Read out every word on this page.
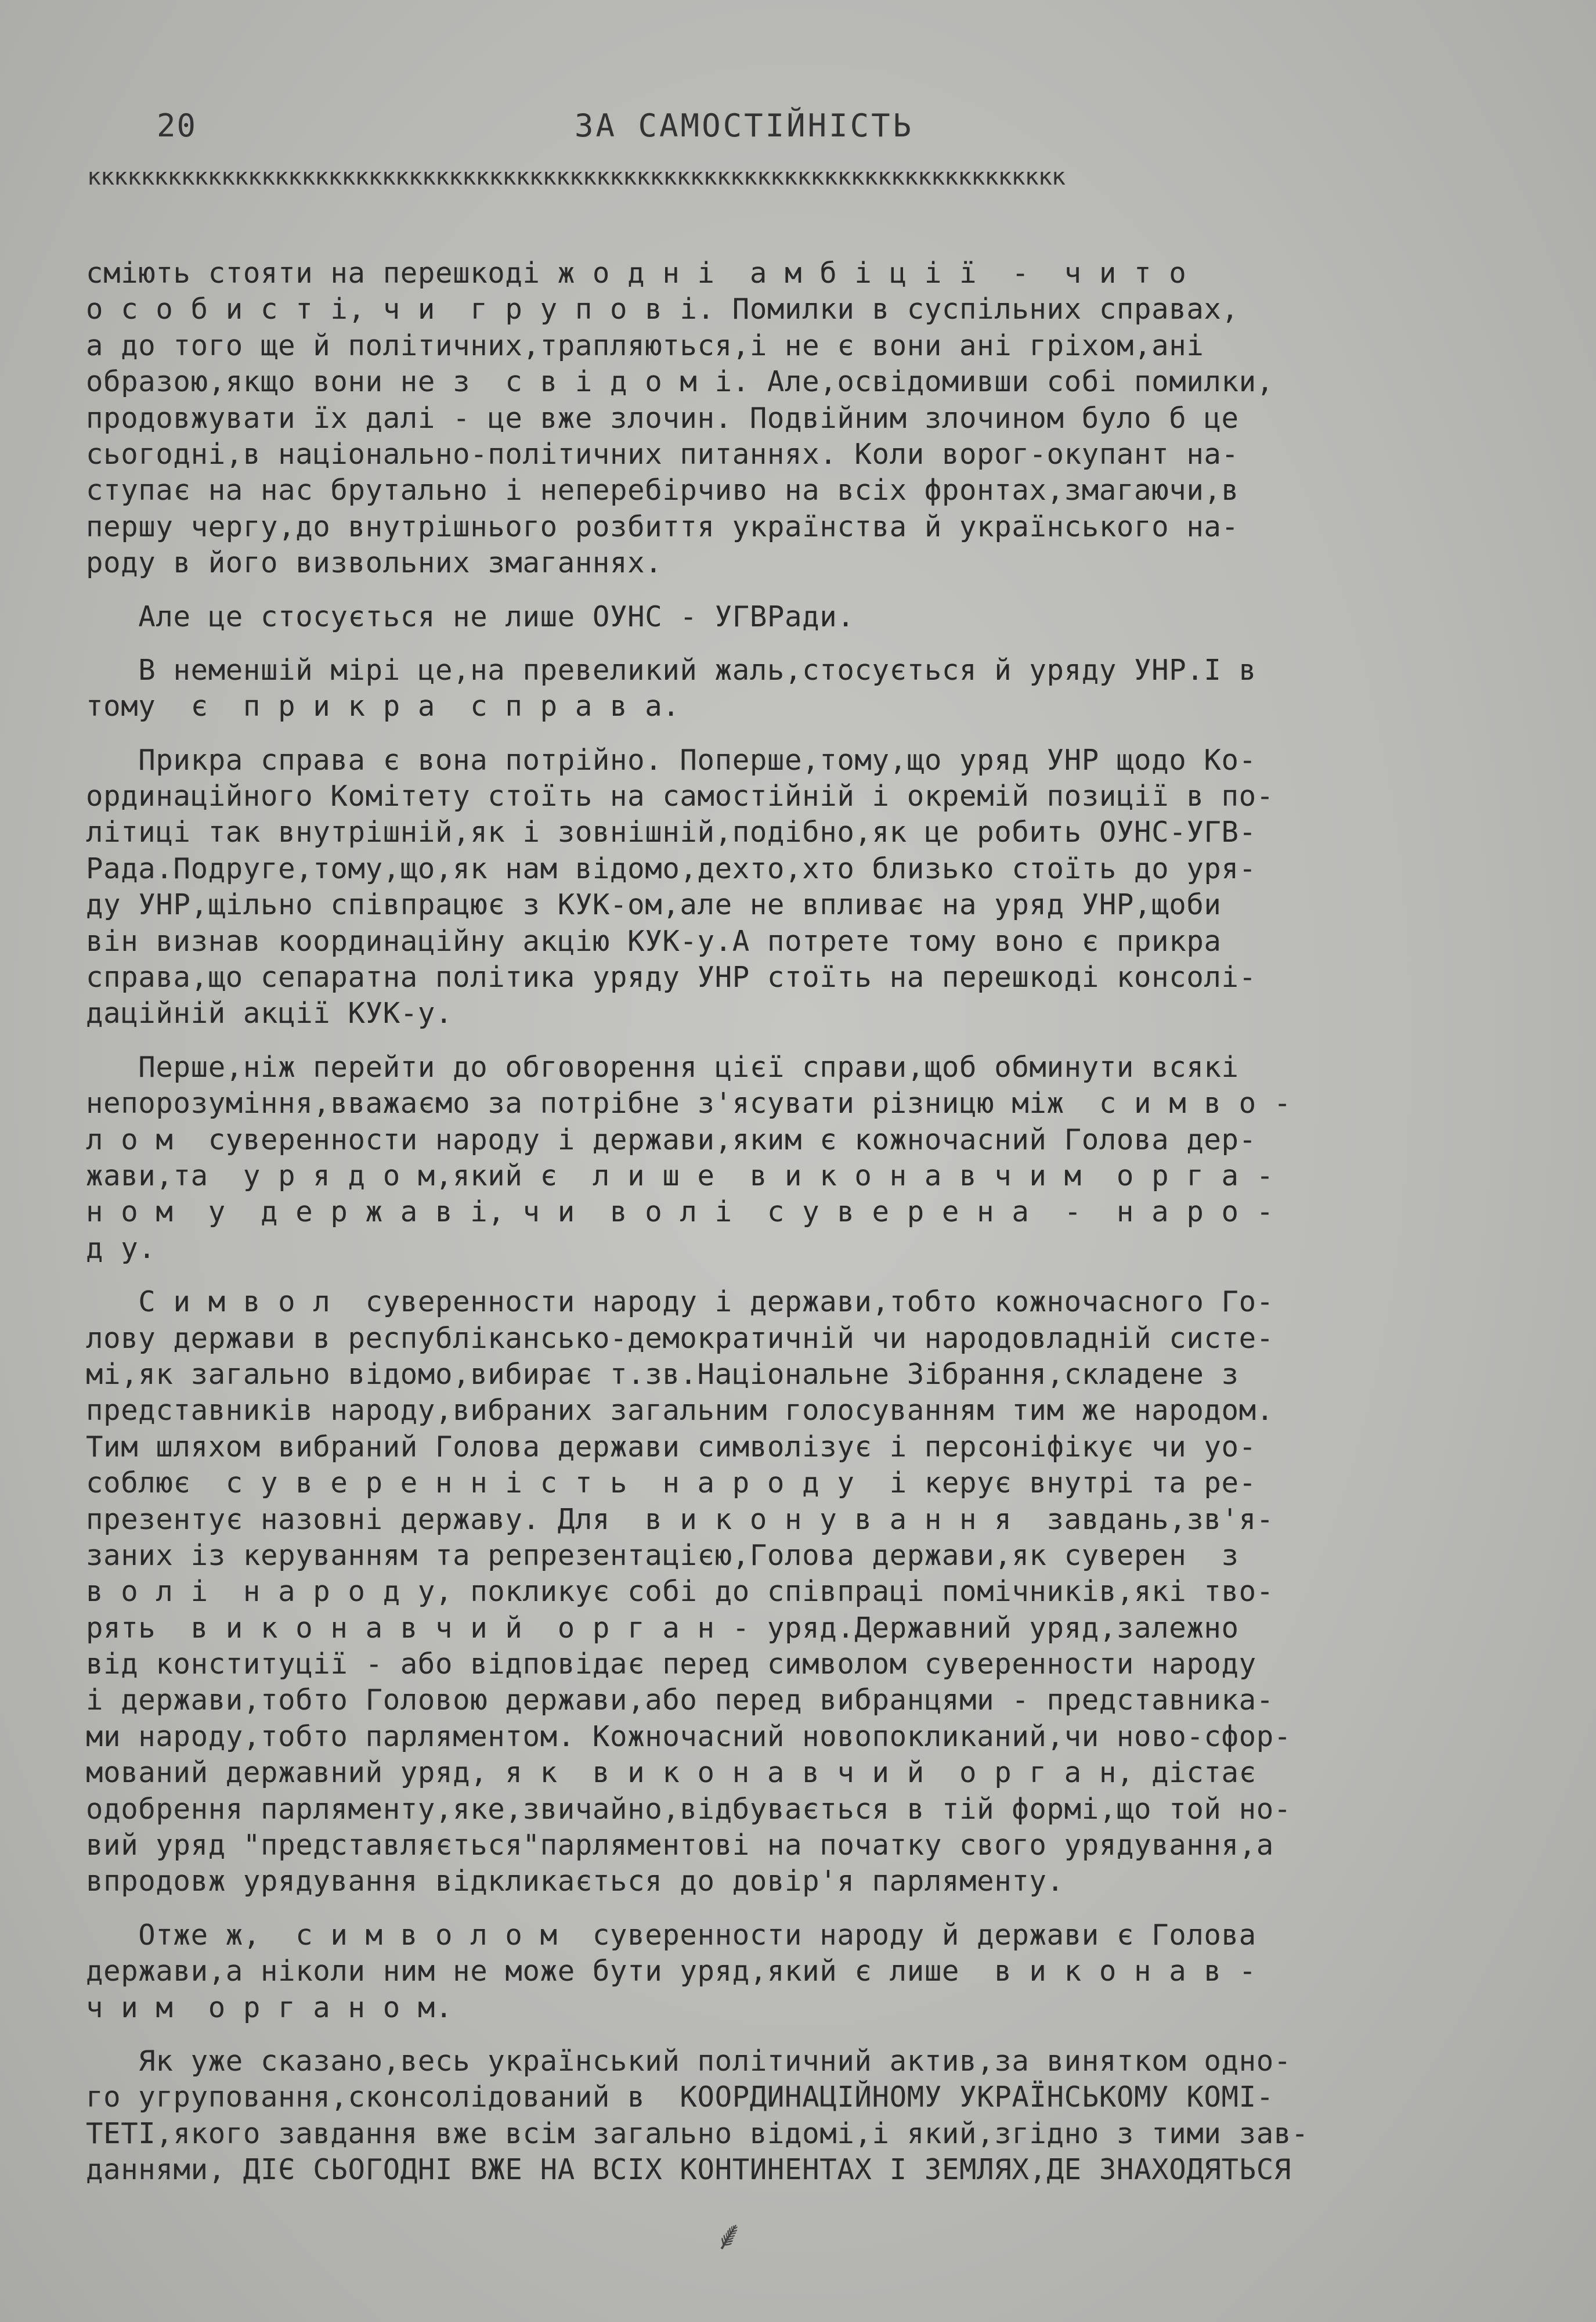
20	ЗА САМОСТІЙНІСТЬ
ккккккккккккккккккккккккккккккккккккккккккккккккккккккккккккккккккккккккк
сміють стояти на перешкоді ж о д н і  а м б і ц і ї  -  ч и т о
о с о б и с т і, ч и  г р у п о в і. Помилки в суспільних справах,
а до того ще й політичних,трапляються,і не є вони ані гріхом,ані
образою,якщо вони не з  с в і д о м і. Але,освідомивши собі помилки,
продовжувати їх далі - це вже злочин. Подвійним злочином було б це
сьогодні,в національно-політичних питаннях. Коли ворог-окупант на-
ступає на нас брутально і неперебірчиво на всіх фронтах,змагаючи,в
першу чергу,до внутрішнього розбиття українства й українського на-
роду в його визвольних змаганнях.
Але це стосується не лише ОУНС - УГВРади.
В неменшій мірі це,на превеликий жаль,стосується й уряду УНР.І в
тому  є  п р и к р а  с п р а в а.
Прикра справа є вона потрійно. Поперше,тому,що уряд УНР щодо Ко-
ординаційного Комітету стоїть на самостійній і окремій позиції в по-
літиці так внутрішній,як і зовнішній,подібно,як це робить ОУНС-УГВ-
Рада.Подруге,тому,що,як нам відомо,дехто,хто близько стоїть до уря-
ду УНР,щільно співпрацює з КУК-ом,але не впливає на уряд УНР,щоби
він визнав координаційну акцію КУК-у.А потрете тому воно є прикра
справа,що сепаратна політика уряду УНР стоїть на перешкоді консолі-
даційній акції КУК-у.
Перше,ніж перейти до обговорення цієї справи,щоб обминути всякі
непорозуміння,вважаємо за потрібне з'ясувати різницю між  с и м в о -
л о м  суверенности народу і держави,яким є кожночасний Голова дер-
жави,та  у р я д о м,який є  л и ш е  в и к о н а в ч и м  о р г а -
н о м  у  д е р ж а в і, ч и  в о л і  с у в е р е н а  -  н а р о -
д у.
С и м в о л  суверенности народу і держави,тобто кожночасного Го-
лову держави в республіканськo-демократичній чи народовладній систе-
мі,як загально відомо,вибирає т.зв.Національне Зібрання,складене з
представників народу,вибраних загальним голосуванням тим же народом.
Тим шляхом вибраний Голова держави символізує і персоніфікує чи уо-
соблює  с у в е р е н н і с т ь  н а р о д у  і керує внутрі та ре-
презентує назовні державу. Для  в и к о н у в а н н я  завдань,зв'я-
заних із керуванням та репрезентацією,Голова держави,як суверен  з
в о л і  н а р о д у, покликує собі до співпраці помічників,які тво-
рять  в и к о н а в ч и й  о р г а н - уряд.Державний уряд,залежно
від конституції - або відповідає перед символом суверенности народу
і держави,тобто Головою держави,або перед вибранцями - представника-
ми народу,тобто парляментом. Кожночасний новопокликаний,чи ново-сфор-
мований державний уряд, я к  в и к о н а в ч и й  о р г а н, дістає
одобрення парляменту,яке,звичайно,відбувається в тій формі,що той но-
вий уряд "представляється"парляментові на початку свого урядування,а
впродовж урядування відкликається до довір'я парляменту.
Отже ж,  с и м в о л о м  суверенности народу й держави є Голова
держави,а ніколи ним не може бути уряд,який є лише  в и к о н а в -
ч и м  о р г а н о м.
Як уже сказано,весь український політичний актив,за винятком одно-
го угруповання,сконсолідований в  КООРДИНАЦІЙНОМУ УКРАЇНСЬКОМУ КОМІ-
ТЕТІ,якого завдання вже всім загально відомі,і який,згідно з тими зав-
даннями, ДІЄ СЬОГОДНІ ВЖЕ НА ВСІХ КОНТИНЕНТАХ І ЗЕМЛЯХ,ДЕ ЗНАХОДЯТЬСЯ
⸙
